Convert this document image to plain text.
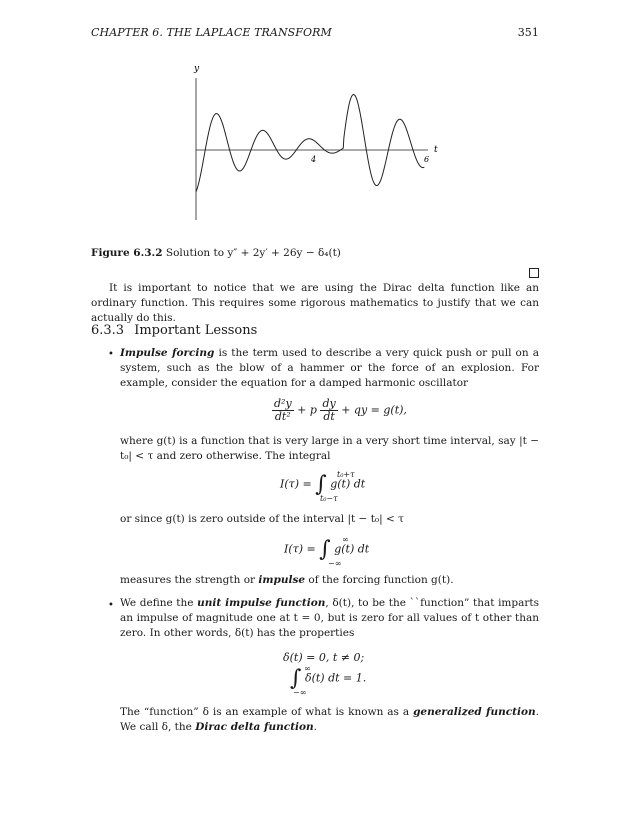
CHAPTER 6. THE LAPLACE TRANSFORM	351
y
t
4	6
Figure 6.3.2 Solution to y″ + 2y′ + 26y − δ₄(t)
It is important to notice that we are using the Dirac delta function like an ordinary function. This requires some rigorous mathematics to justify that we can actually do this.
6.3.3 Important Lessons
• Impulse forcing is the term used to describe a very quick push or pull on a system, such as the blow of a hammer or the force of an explosion. For example, consider the equation for a damped harmonic oscillator
$\frac{\text{d²y}}{\text{dt²}} + p \frac{dy}{dt}$ + qy = g(t),
where g(t) is a function that is very large in a very short time interval, say |t − t₀| < τ and zero otherwise. The integral
I(τ) = ∫ g(t) dt
t₀+τ
t₀−τ
or since g(t) is zero outside of the interval |t − t₀| < τ
I(τ) = ∫ g(t) dt
∞
−∞
measures the strength or impulse of the forcing function g(t).
• We define the unit impulse function, δ(t), to be the ``function” that imparts an impulse of magnitude one at t = 0, but is zero for all values of t other than zero. In other words, δ(t) has the properties
δ(t) = 0, t ≠ 0;
∫ δ(t) dt = 1.
∞
−∞
The “function” δ is an example of what is known as a generalized function. We call δ, the Dirac delta function.
